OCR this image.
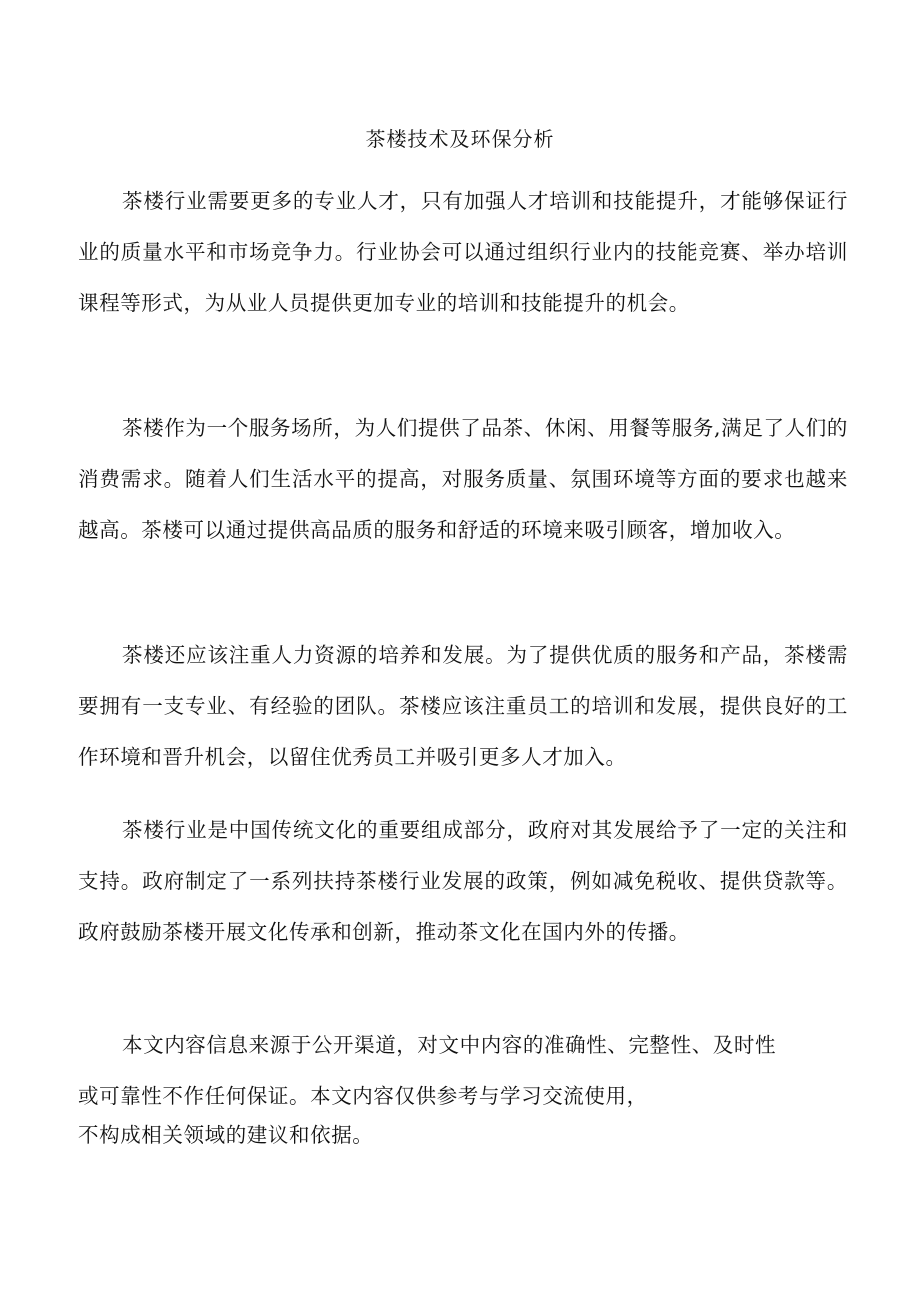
茶楼技术及环保分析

茶楼行业需要更多的专业人才，只有加强人才培训和技能提升，才能够保证行业的质量水平和市场竞争力。行业协会可以通过组织行业内的技能竞赛、举办培训课程等形式，为从业人员提供更加专业的培训和技能提升的机会。

茶楼作为一个服务场所，为人们提供了品茶、休闲、用餐等服务,满足了人们的消费需求。随着人们生活水平的提高，对服务质量、氛围环境等方面的要求也越来越高。茶楼可以通过提供高品质的服务和舒适的环境来吸引顾客，增加收入。

茶楼还应该注重人力资源的培养和发展。为了提供优质的服务和产品，茶楼需要拥有一支专业、有经验的团队。茶楼应该注重员工的培训和发展，提供良好的工作环境和晋升机会，以留住优秀员工并吸引更多人才加入。

茶楼行业是中国传统文化的重要组成部分，政府对其发展给予了一定的关注和支持。政府制定了一系列扶持茶楼行业发展的政策，例如减免税收、提供贷款等。政府鼓励茶楼开展文化传承和创新，推动茶文化在国内外的传播。

本文内容信息来源于公开渠道，对文中内容的准确性、完整性、及时性
或可靠性不作任何保证。本文内容仅供参考与学习交流使用，
不构成相关领域的建议和依据。
